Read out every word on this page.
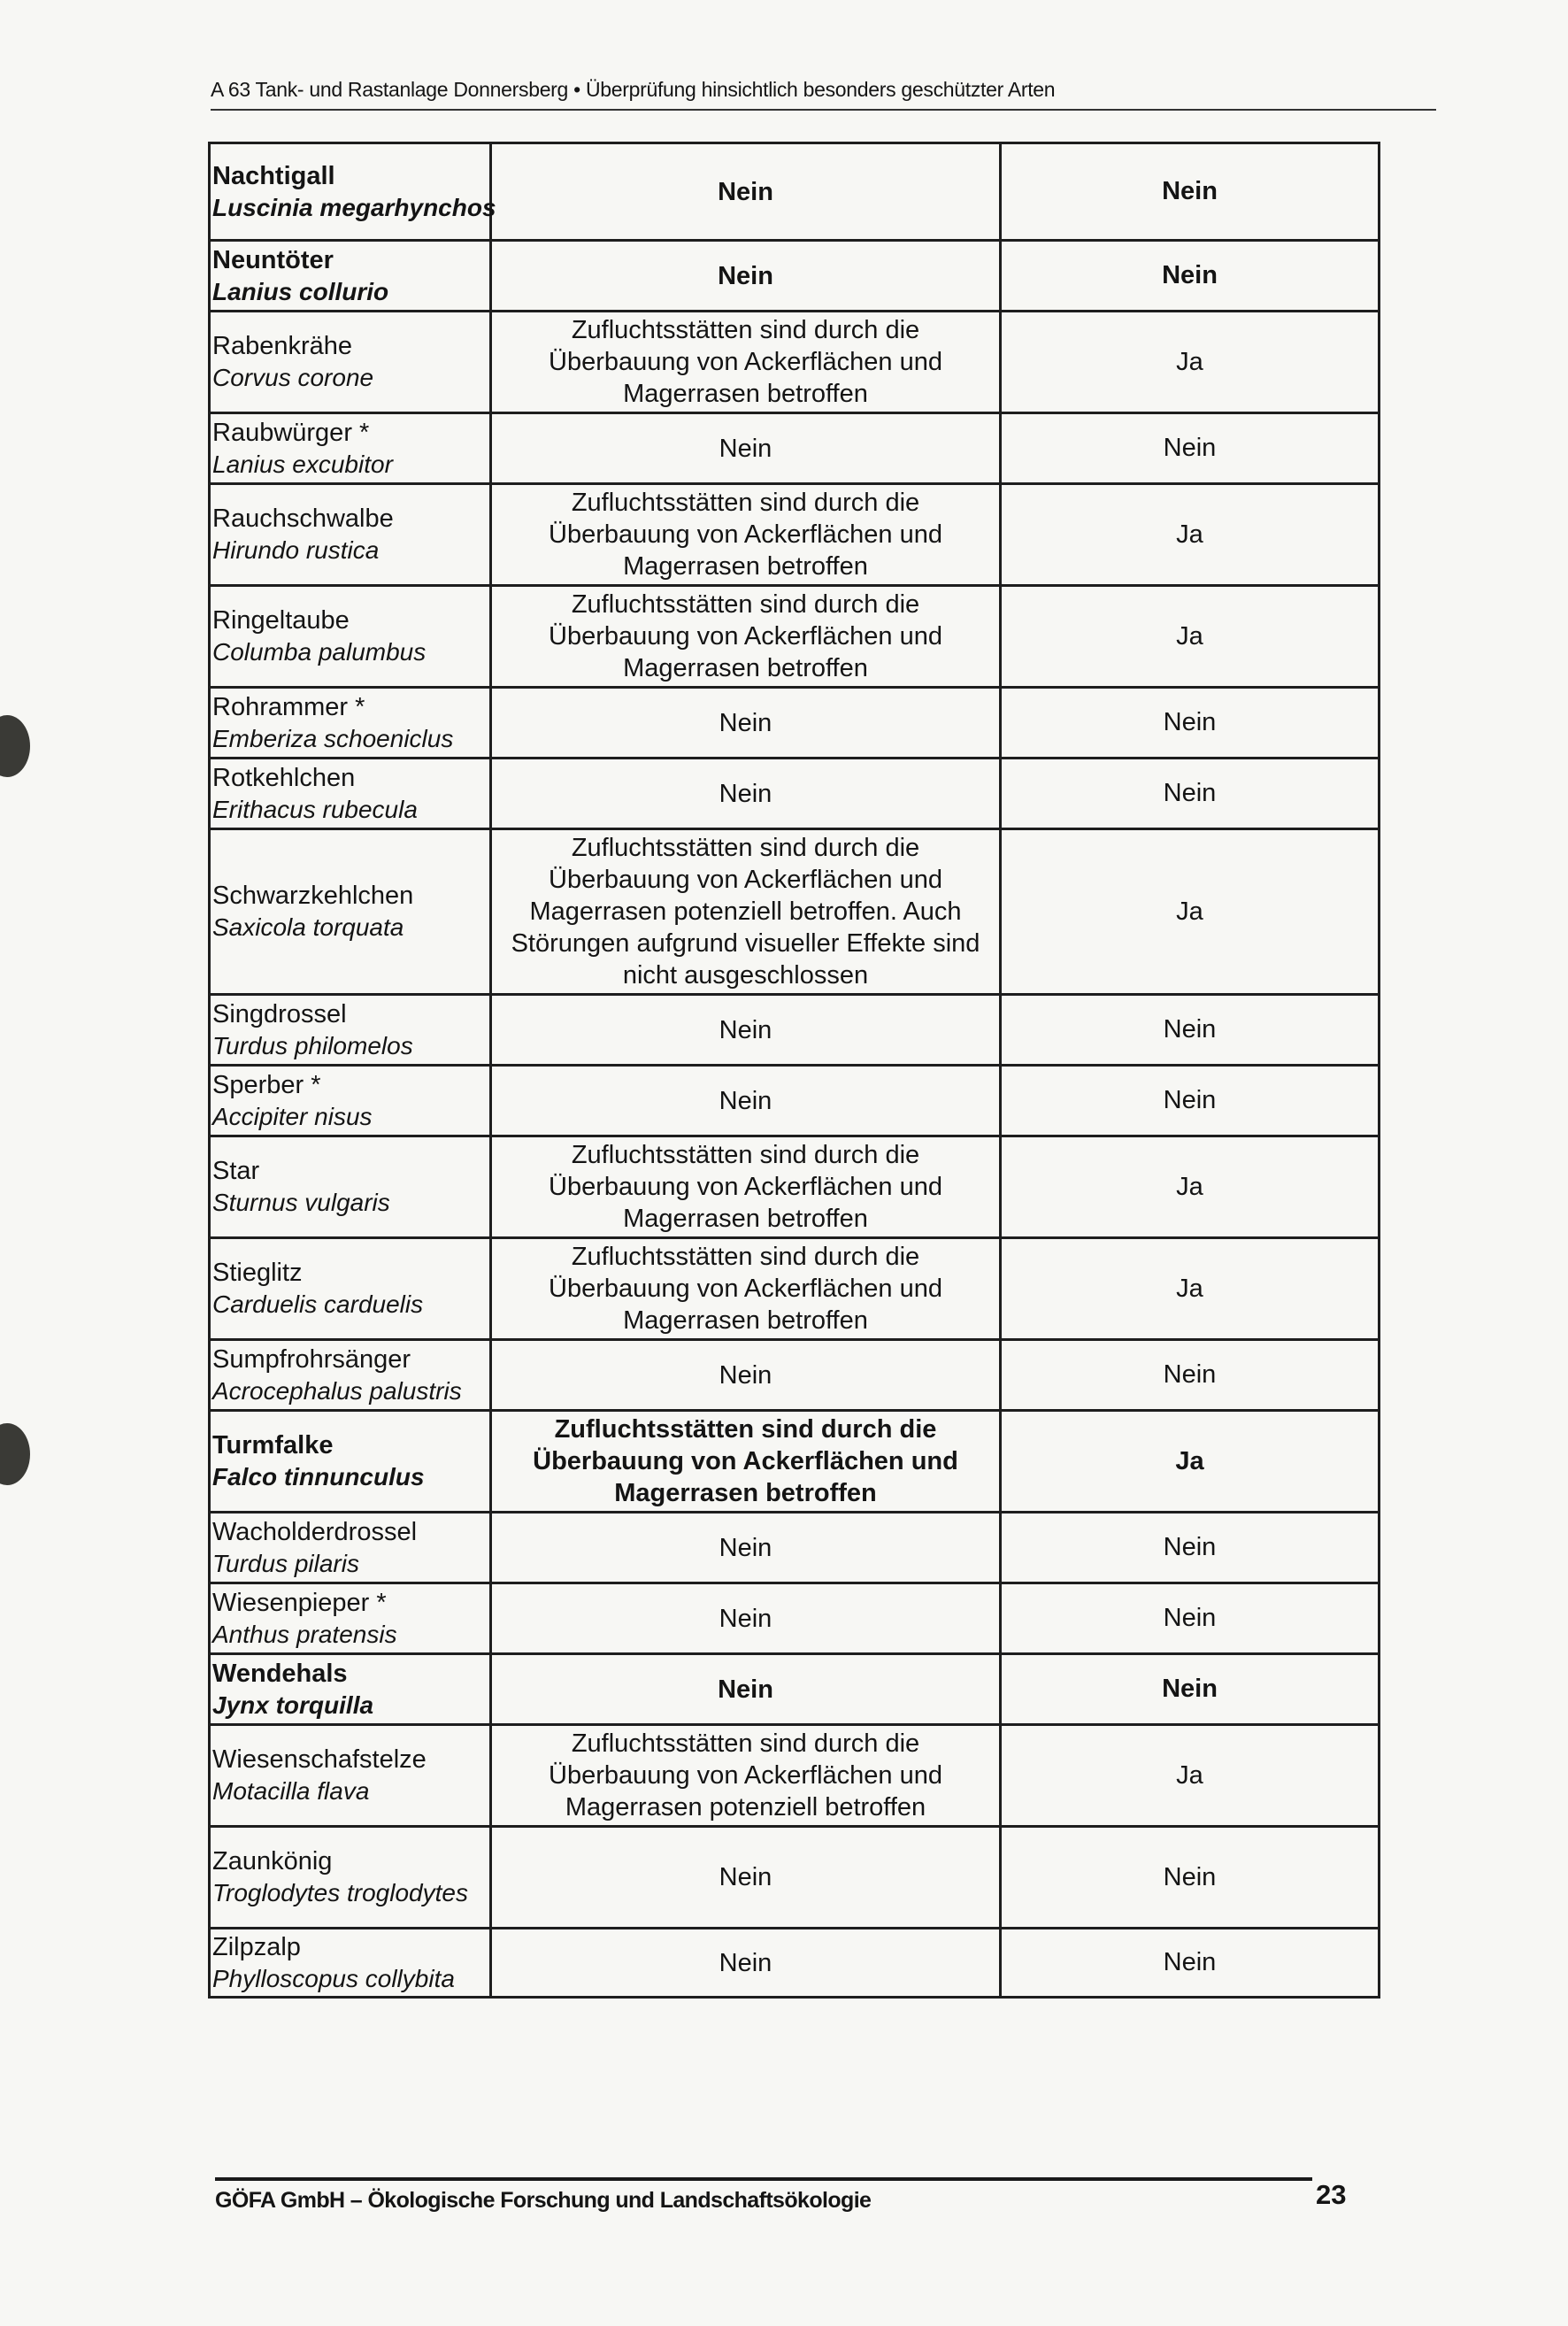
A 63 Tank- und Rastanlage Donnersberg • Überprüfung hinsichtlich besonders geschützter Arten
Nachtigall
Luscinia megarhynchos	Nein	Nein

Neuntöter
Lanius collurio	Nein	Nein

Rabenkrähe
Corvus corone	Zufluchtsstätten sind durch die Überbauung von Ackerflächen und Magerrasen betroffen	Ja

Raubwürger *
Lanius excubitor	Nein	Nein

Rauchschwalbe
Hirundo rustica	Zufluchtsstätten sind durch die Überbauung von Ackerflächen und Magerrasen betroffen	Ja

Ringeltaube
Columba palumbus	Zufluchtsstätten sind durch die Überbauung von Ackerflächen und Magerrasen betroffen	Ja

Rohrammer *
Emberiza schoeniclus	Nein	Nein

Rotkehlchen
Erithacus rubecula	Nein	Nein

Schwarzkehlchen
Saxicola torquata	Zufluchtsstätten sind durch die Überbauung von Ackerflächen und Magerrasen potenziell betroffen. Auch Störungen aufgrund visueller Effekte sind nicht ausgeschlossen	Ja

Singdrossel
Turdus philomelos	Nein	Nein

Sperber *
Accipiter nisus	Nein	Nein

Star
Sturnus vulgaris	Zufluchtsstätten sind durch die Überbauung von Ackerflächen und Magerrasen betroffen	Ja

Stieglitz
Carduelis carduelis	Zufluchtsstätten sind durch die Überbauung von Ackerflächen und Magerrasen betroffen	Ja

Sumpfrohrsänger
Acrocephalus palustris	Nein	Nein

Turmfalke
Falco tinnunculus	Zufluchtsstätten sind durch die Überbauung von Ackerflächen und Magerrasen betroffen	Ja

Wacholderdrossel
Turdus pilaris	Nein	Nein

Wiesenpieper *
Anthus pratensis	Nein	Nein

Wendehals
Jynx torquilla	Nein	Nein

Wiesenschafstelze
Motacilla flava	Zufluchtsstätten sind durch die Überbauung von Ackerflächen und Magerrasen potenziell betroffen	Ja

Zaunkönig
Troglodytes troglodytes	Nein	Nein

Zilpzalp
Phylloscopus collybita	Nein	Nein
GÖFA GmbH – Ökologische Forschung und Landschaftsökologie	23
